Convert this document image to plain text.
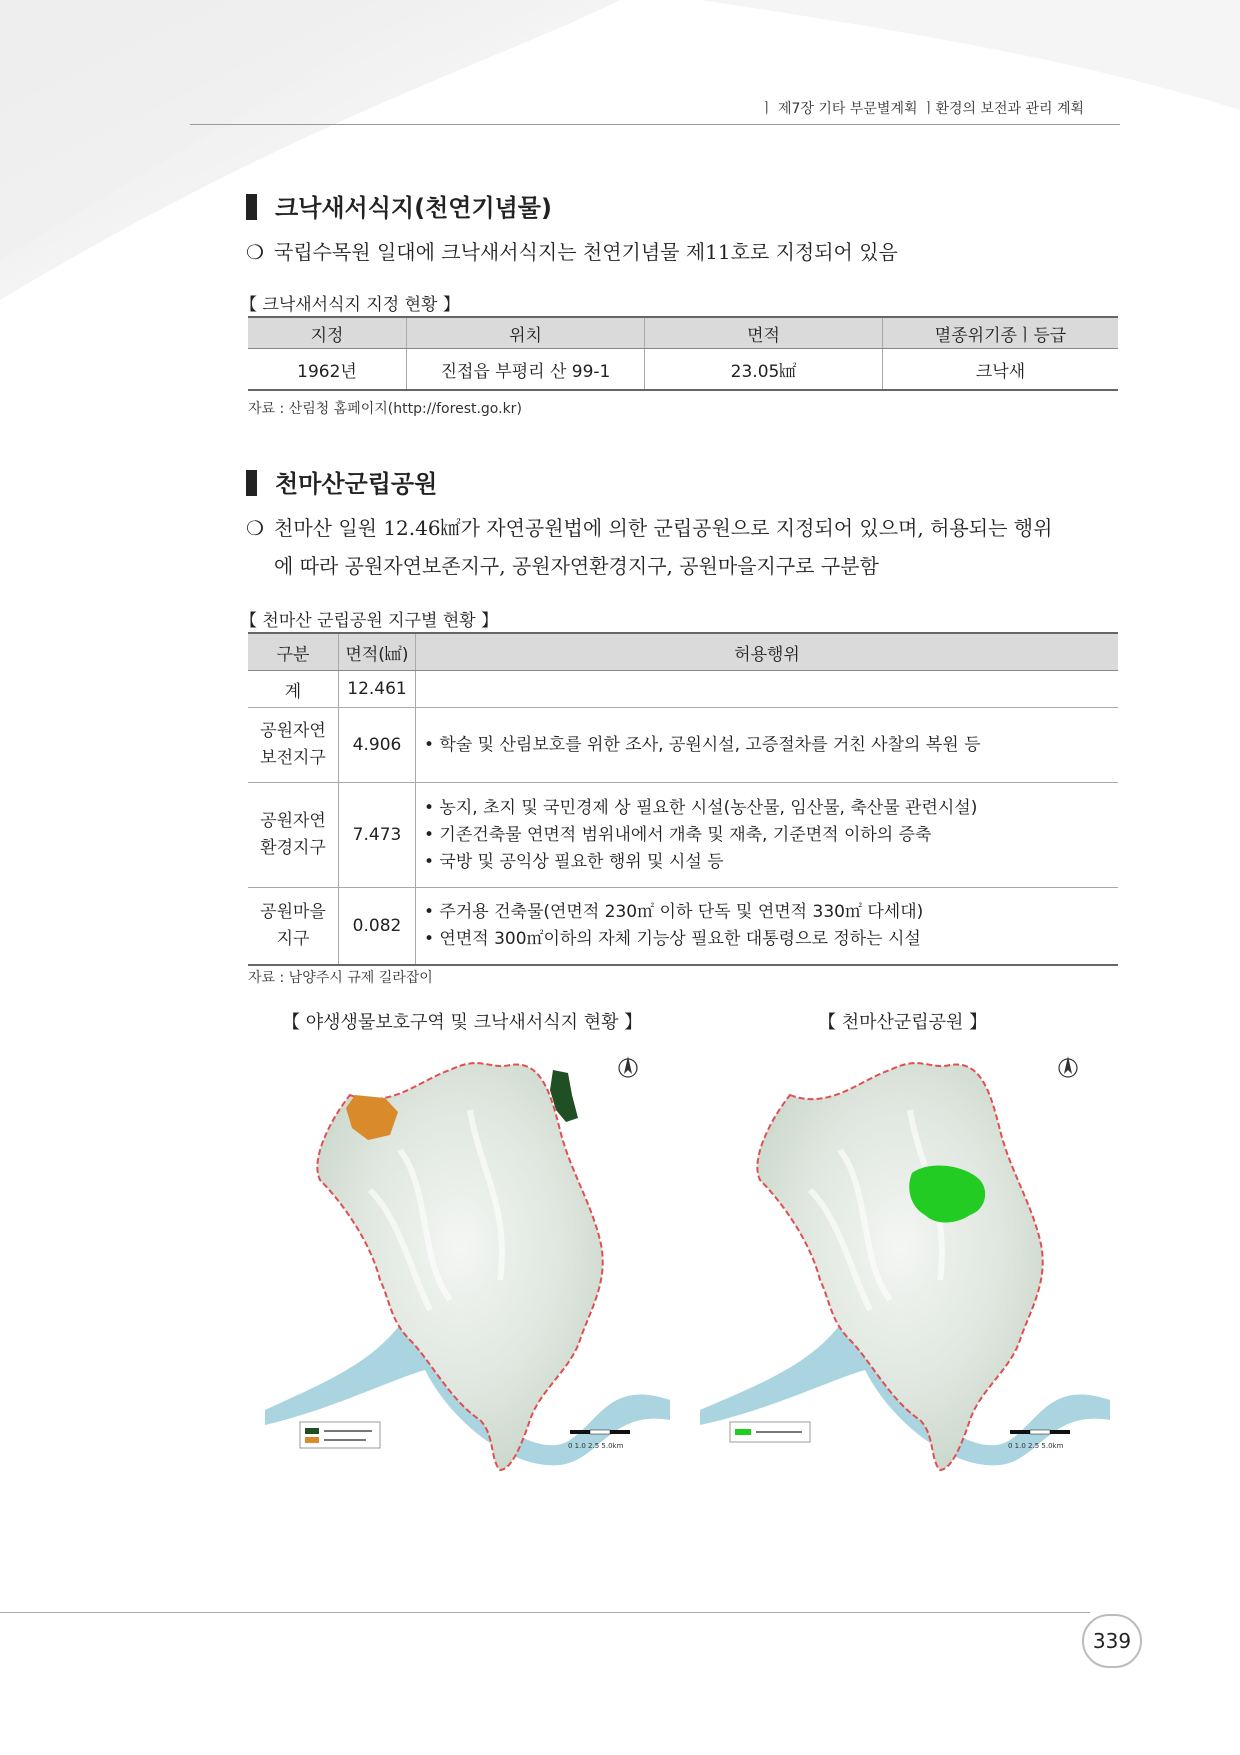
ㅣ 제7장 기타 부문별계획 ㅣ환경의 보전과 관리 계획
크낙새서식지(천연기념물)
❍ 국립수목원 일대에 크낙새서식지는 천연기념물 제11호로 지정되어 있음
【 크낙새서식지 지정 현황 】
지정	위치	면적	멸종위기종ㅣ등급
1962년	진접읍 부평리 산 99-1	23.05㎢	크낙새
자료 : 산림청 홈페이지(http://forest.go.kr)
천마산군립공원
❍ 천마산 일원 12.46㎢가 자연공원법에 의한 군립공원으로 지정되어 있으며, 허용되는 행위
에 따라 공원자연보존지구, 공원자연환경지구, 공원마을지구로 구분함
【 천마산 군립공원 지구별 현황 】
구분	면적(㎢)	허용행위
계	12.461	

공원자연
보전지구	4.906	• 학술 및 산림보호를 위한 조사, 공원시설, 고증절차를 거친 사찰의 복원 등

공원자연
환경지구	7.473	• 농지, 초지 및 국민경제 상 필요한 시설(농산물, 임산물, 축산물 관련시설)
• 기존건축물 연면적 범위내에서 개축 및 재축, 기준면적 이하의 증축
• 국방 및 공익상 필요한 행위 및 시설 등

공원마을
지구	0.082	• 주거용 건축물(연면적 230㎡ 이하 단독 및 연면적 330㎡ 다세대)
• 연면적 300㎡이하의 자체 기능상 필요한 대통령으로 정하는 시설
자료 : 남양주시 규제 길라잡이
【 야생생물보호구역 및 크낙새서식지 현황 】	【 천마산군립공원 】
0 1.0 2.5 5.0km	0 1.0 2.5 5.0km
339
